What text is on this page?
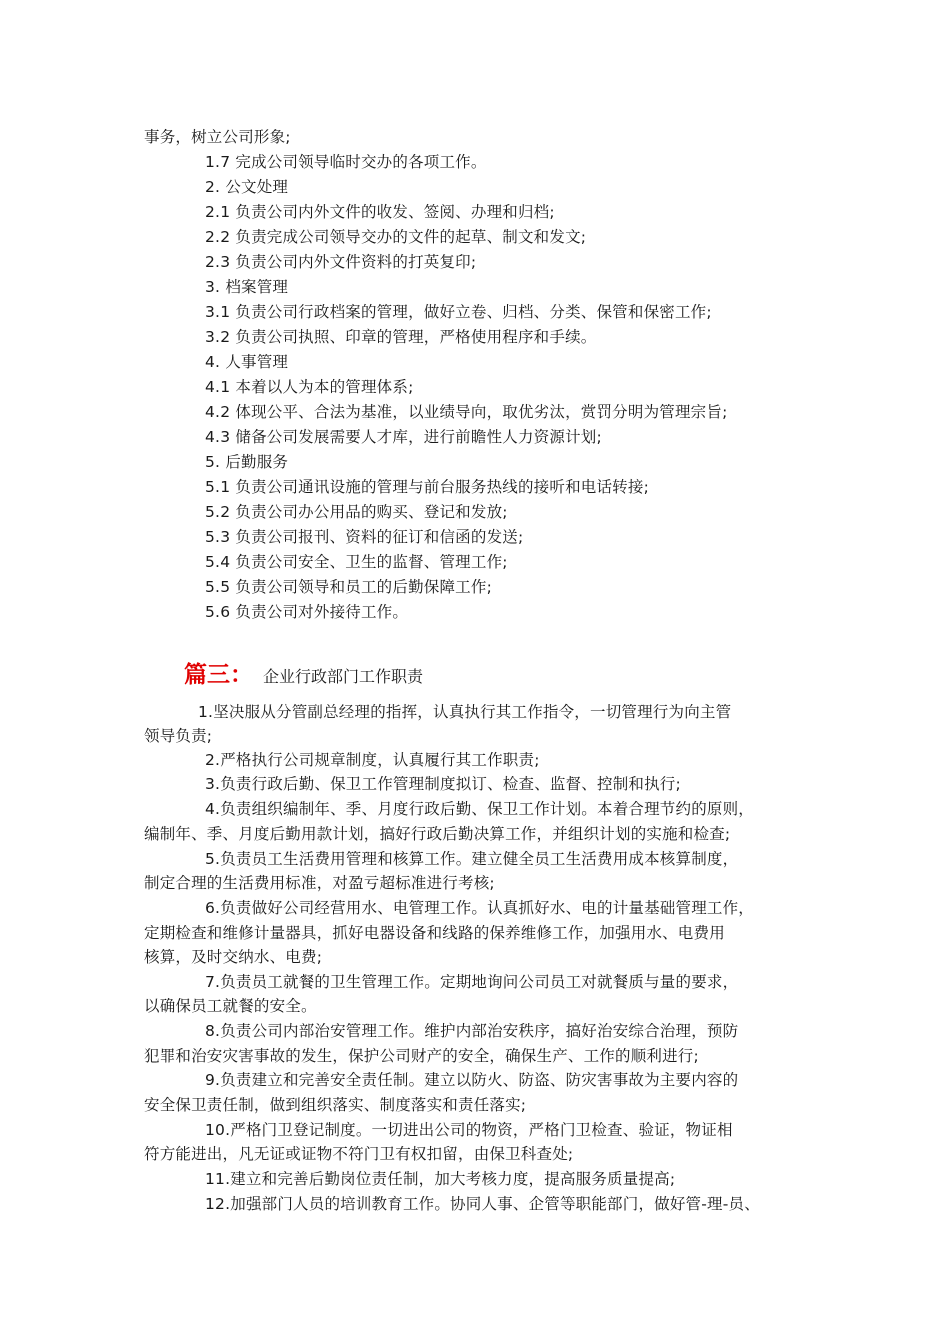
事务，树立公司形象;
1.7 完成公司领导临时交办的各项工作。
2. 公文处理
2.1 负责公司内外文件的收发、签阅、办理和归档;
2.2 负责完成公司领导交办的文件的起草、制文和发文;
2.3 负责公司内外文件资料的打英复印;
3. 档案管理
3.1 负责公司行政档案的管理，做好立卷、归档、分类、保管和保密工作;
3.2 负责公司执照、印章的管理，严格使用程序和手续。
4. 人事管理
4.1 本着以人为本的管理体系;
4.2 体现公平、合法为基准，以业绩导向，取优劣汰，赏罚分明为管理宗旨;
4.3 储备公司发展需要人才库，进行前瞻性人力资源计划;
5. 后勤服务
5.1 负责公司通讯设施的管理与前台服务热线的接听和电话转接;
5.2 负责公司办公用品的购买、登记和发放;
5.3 负责公司报刊、资料的征订和信函的发送;
5.4 负责公司安全、卫生的监督、管理工作;
5.5 负责公司领导和员工的后勤保障工作;
5.6 负责公司对外接待工作。
篇三： 企业行政部门工作职责
1.坚决服从分管副总经理的指挥，认真执行其工作指令，一切管理行为向主管
领导负责;
2.严格执行公司规章制度，认真履行其工作职责;
3.负责行政后勤、保卫工作管理制度拟订、检查、监督、控制和执行;
4.负责组织编制年、季、月度行政后勤、保卫工作计划。本着合理节约的原则，
编制年、季、月度后勤用款计划，搞好行政后勤决算工作，并组织计划的实施和检查;
5.负责员工生活费用管理和核算工作。建立健全员工生活费用成本核算制度，
制定合理的生活费用标准，对盈亏超标准进行考核;
6.负责做好公司经营用水、电管理工作。认真抓好水、电的计量基础管理工作，
定期检查和维修计量器具，抓好电器设备和线路的保养维修工作，加强用水、电费用
核算，及时交纳水、电费;
7.负责员工就餐的卫生管理工作。定期地询问公司员工对就餐质与量的要求，
以确保员工就餐的安全。
8.负责公司内部治安管理工作。维护内部治安秩序，搞好治安综合治理，预防
犯罪和治安灾害事故的发生，保护公司财产的安全，确保生产、工作的顺利进行;
9.负责建立和完善安全责任制。建立以防火、防盗、防灾害事故为主要内容的
安全保卫责任制，做到组织落实、制度落实和责任落实;
10.严格门卫登记制度。一切进出公司的物资，严格门卫检查、验证，物证相
符方能进出，凡无证或证物不符门卫有权扣留，由保卫科查处;
11.建立和完善后勤岗位责任制，加大考核力度，提高服务质量提高;
12.加强部门人员的培训教育工作。协同人事、企管等职能部门，做好管-理-员、
